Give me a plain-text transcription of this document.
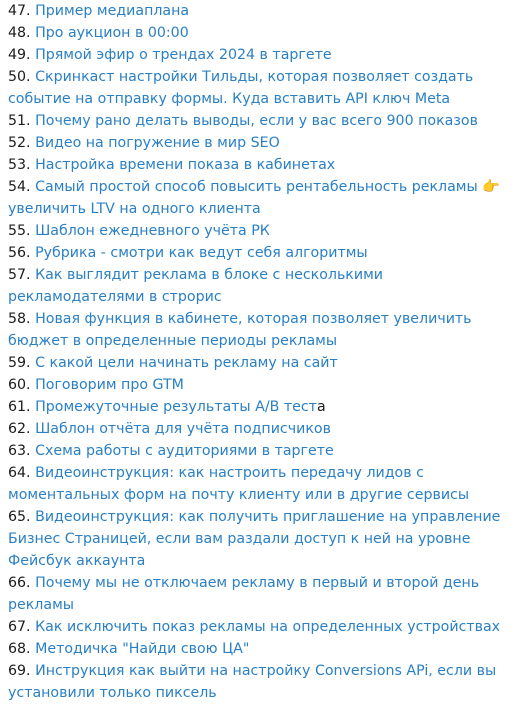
47. Пример медиаплана

48. Про аукцион в 00:00

49. Прямой эфир о трендах 2024 в таргете

50. Скринкаст настройки Тильды, которая позволяет создать событие на отправку формы. Куда вставить API ключ Meta

51. Почему рано делать выводы, если у вас всего 900 показов

52. Видео на погружение в мир SEO

53. Настройка времени показа в кабинетах

54. Самый простой способ повысить рентабельность рекламы 👉 увеличить LTV на одного клиента

55. Шаблон ежедневного учёта РК

56. Рубрика - смотри как ведут себя алгоритмы

57. Как выглядит реклама в блоке с несколькими рекламодателями в строрис

58. Новая функция в кабинете, которая позволяет увеличить бюджет в определенные периоды рекламы

59. С какой цели начинать рекламу на сайт

60. Поговорим про GTM

61. Промежуточные результаты A/B теста

62. Шаблон отчёта для учёта подписчиков

63. Схема работы с аудиториями в таргете

64. Видеоинструкция: как настроить передачу лидов с моментальных форм на почту клиенту или в другие сервисы

65. Видеоинструкция: как получить приглашение на управление Бизнес Страницей, если вам раздали доступ к ней на уровне Фейсбук аккаунта

66. Почему мы не отключаем рекламу в первый и второй день рекламы

67. Как исключить показ рекламы на определенных устройствах

68. Методичка "Найди свою ЦА"

69. Инструкция как выйти на настройку Conversions APi, если вы установили только пиксель
